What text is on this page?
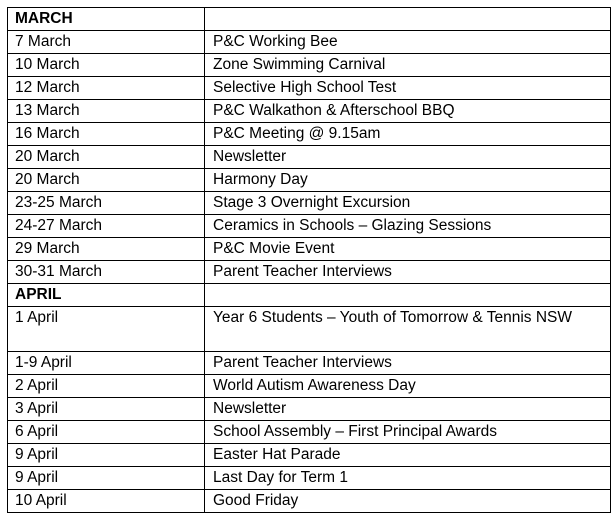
MARCH	
7 March	P&C Working Bee
10 March	Zone Swimming Carnival
12 March	Selective High School Test
13 March	P&C Walkathon & Afterschool BBQ
16 March	P&C Meeting @ 9.15am
20 March	Newsletter
20 March	Harmony Day
23-25 March	Stage 3 Overnight Excursion
24-27 March	Ceramics in Schools – Glazing Sessions
29 March	P&C Movie Event
30-31 March	Parent Teacher Interviews
APRIL	
1 April	Year 6 Students – Youth of Tomorrow & Tennis NSW
1-9 April	Parent Teacher Interviews
2 April	World Autism Awareness Day
3 April	Newsletter
6 April	School Assembly – First Principal Awards
9 April	Easter Hat Parade
9 April	Last Day for Term 1
10 April	Good Friday
